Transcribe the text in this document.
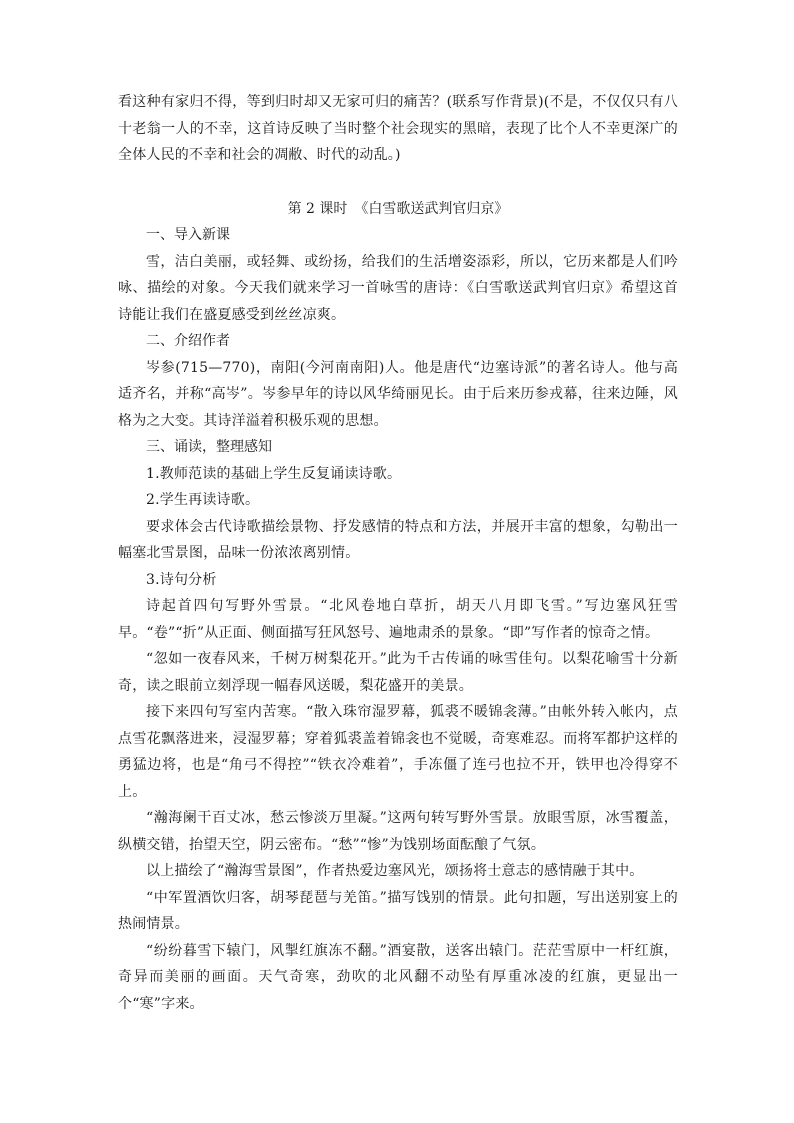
看这种有家归不得，等到归时却又无家可归的痛苦？(联系写作背景)(不是，不仅仅只有八十老翁一人的不幸，这首诗反映了当时整个社会现实的黑暗，表现了比个人不幸更深广的全体人民的不幸和社会的凋敝、时代的动乱。)

第 2 课时　《白雪歌送武判官归京》

一、导入新课

雪，洁白美丽，或轻舞、或纷扬，给我们的生活增姿添彩，所以，它历来都是人们吟咏、描绘的对象。今天我们就来学习一首咏雪的唐诗：《白雪歌送武判官归京》希望这首诗能让我们在盛夏感受到丝丝凉爽。

二、介绍作者

岑参(715—770)，南阳(今河南南阳)人。他是唐代“边塞诗派”的著名诗人。他与高适齐名，并称“高岑”。岑参早年的诗以风华绮丽见长。由于后来历参戎幕，往来边陲，风格为之大变。其诗洋溢着积极乐观的思想。

三、诵读，整理感知

1.教师范读的基础上学生反复诵读诗歌。

2.学生再读诗歌。

要求体会古代诗歌描绘景物、抒发感情的特点和方法，并展开丰富的想象，勾勒出一幅塞北雪景图，品味一份浓浓离别情。

3.诗句分析

诗起首四句写野外雪景。“北风卷地白草折，胡天八月即飞雪。”写边塞风狂雪早。“卷”“折”从正面、侧面描写狂风怒号、遍地肃杀的景象。“即”写作者的惊奇之情。

“忽如一夜春风来，千树万树梨花开。”此为千古传诵的咏雪佳句。以梨花喻雪十分新奇，读之眼前立刻浮现一幅春风送暖，梨花盛开的美景。

接下来四句写室内苦寒。“散入珠帘湿罗幕，狐裘不暖锦衾薄。”由帐外转入帐内，点点雪花飘落进来，浸湿罗幕；穿着狐裘盖着锦衾也不觉暖，奇寒难忍。而将军都护这样的勇猛边将，也是“角弓不得控”“铁衣冷难着”，手冻僵了连弓也拉不开，铁甲也冷得穿不上。

“瀚海阑干百丈冰，愁云惨淡万里凝。”这两句转写野外雪景。放眼雪原，冰雪覆盖，纵横交错，抬望天空，阴云密布。“愁”“惨”为饯别场面酝酿了气氛。

以上描绘了“瀚海雪景图”，作者热爱边塞风光，颂扬将士意志的感情融于其中。

“中军置酒饮归客，胡琴琵琶与羌笛。”描写饯别的情景。此句扣题，写出送别宴上的热闹情景。

“纷纷暮雪下辕门，风掣红旗冻不翻。”酒宴散，送客出辕门。茫茫雪原中一杆红旗，奇异而美丽的画面。天气奇寒，劲吹的北风翻不动坠有厚重冰凌的红旗，更显出一个“寒”字来。
